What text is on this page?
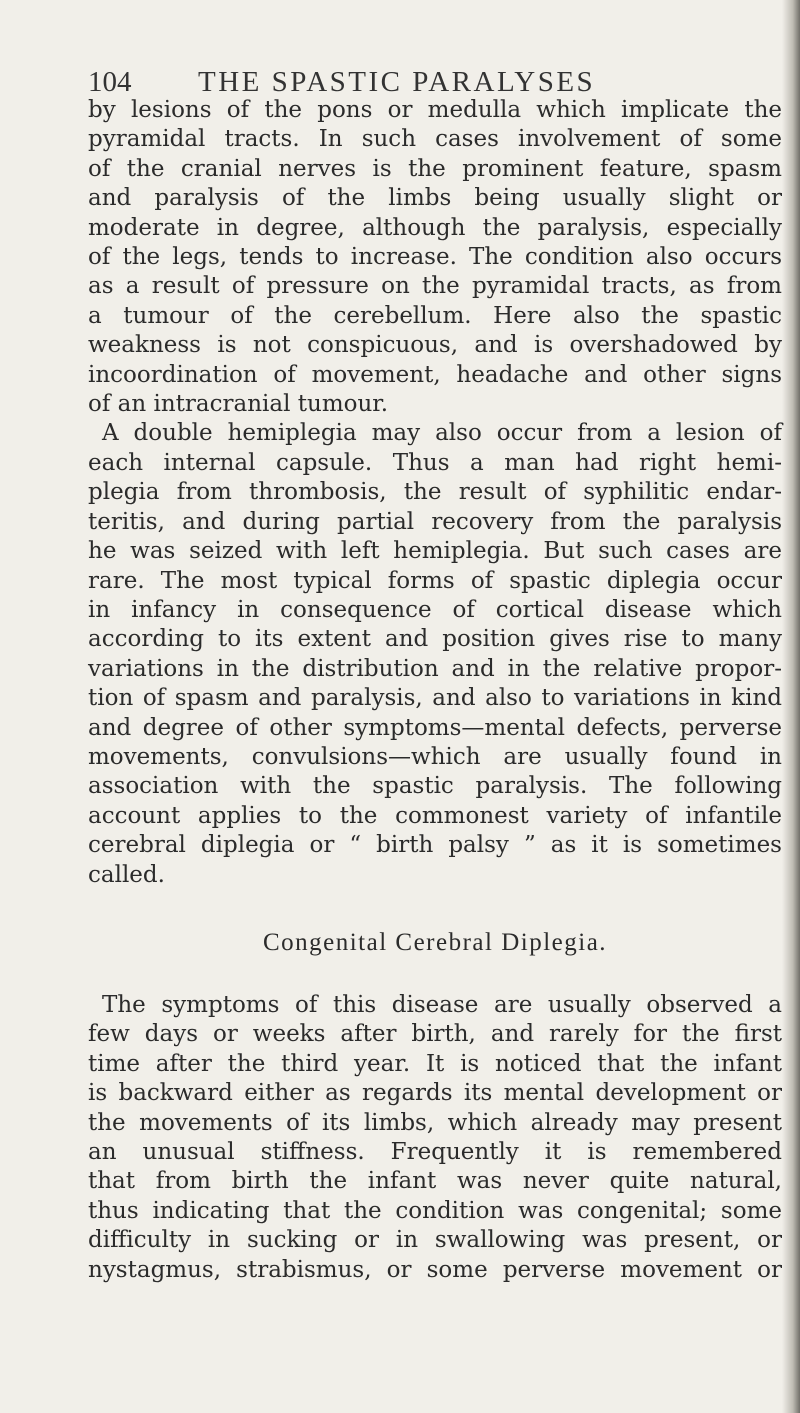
104 THE SPASTIC PARALYSES
by lesions of the pons or medulla which implicate the
pyramidal tracts. In such cases involvement of some
of the cranial nerves is the prominent feature, spasm
and paralysis of the limbs being usually slight or
moderate in degree, although the paralysis, especially
of the legs, tends to increase. The condition also occurs
as a result of pressure on the pyramidal tracts, as from
a tumour of the cerebellum. Here also the spastic
weakness is not conspicuous, and is overshadowed by
incoordination of movement, headache and other signs
of an intracranial tumour.
A double hemiplegia may also occur from a lesion of
each internal capsule. Thus a man had right hemi-
plegia from thrombosis, the result of syphilitic endar-
teritis, and during partial recovery from the paralysis
he was seized with left hemiplegia. But such cases are
rare. The most typical forms of spastic diplegia occur
in infancy in consequence of cortical disease which
according to its extent and position gives rise to many
variations in the distribution and in the relative propor-
tion of spasm and paralysis, and also to variations in kind
and degree of other symptoms—mental defects, perverse
movements, convulsions—which are usually found in
association with the spastic paralysis. The following
account applies to the commonest variety of infantile
cerebral diplegia or “ birth palsy ” as it is sometimes
called.
Congenital Cerebral Diplegia.
The symptoms of this disease are usually observed a
few days or weeks after birth, and rarely for the first
time after the third year. It is noticed that the infant
is backward either as regards its mental development or
the movements of its limbs, which already may present
an unusual stiffness. Frequently it is remembered
that from birth the infant was never quite natural,
thus indicating that the condition was congenital; some
difficulty in sucking or in swallowing was present, or
nystagmus, strabismus, or some perverse movement or
